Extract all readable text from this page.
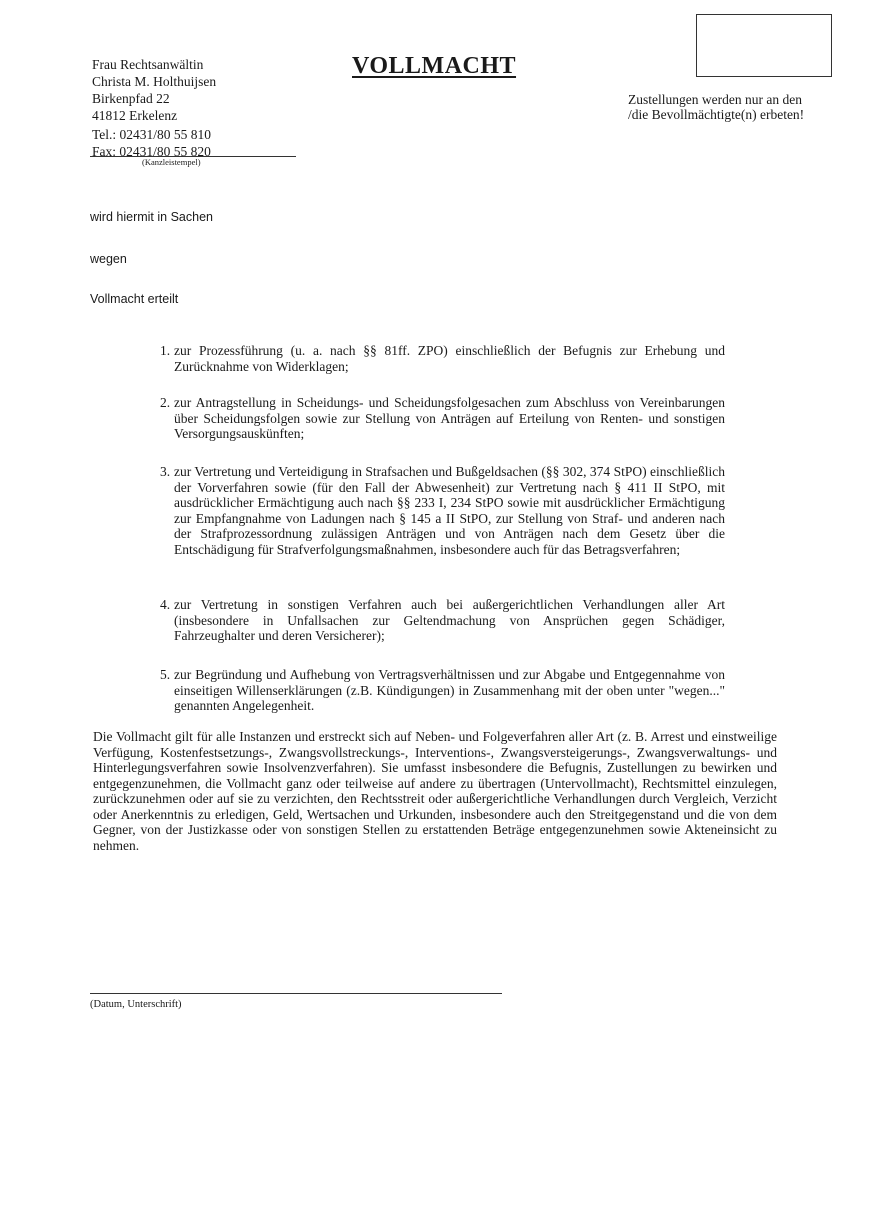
Frau Rechtsanwältin
Christa M. Holthuijsen
Birkenpfad 22
41812 Erkelenz
Tel.: 02431/80 55 810
Fax: 02431/80 55 820
(Kanzleistempel)
VOLLMACHT
Zustellungen werden nur an den
/die Bevollmächtigte(n) erbeten!
wird hiermit in Sachen
wegen
Vollmacht erteilt
1. zur Prozessführung (u. a. nach §§ 81ff. ZPO) einschließlich der Befugnis zur Erhebung und Zurücknahme von Widerklagen;
2. zur Antragstellung in Scheidungs- und Scheidungsfolgesachen zum Abschluss von Vereinbarungen über Scheidungsfolgen sowie zur Stellung von Anträgen auf Erteilung von Renten- und sonstigen Versorgungsauskünften;
3. zur Vertretung und Verteidigung in Strafsachen und Bußgeldsachen (§§ 302, 374 StPO) einschließlich der Vorverfahren sowie (für den Fall der Abwesenheit) zur Vertretung nach § 411 II StPO, mit ausdrücklicher Ermächtigung auch nach §§ 233 I, 234 StPO sowie mit ausdrücklicher Ermächtigung zur Empfangnahme von Ladungen nach § 145 a II StPO, zur Stellung von Straf- und anderen nach der Strafprozessordnung zulässigen Anträgen und von Anträgen nach dem Gesetz über die Entschädigung für Strafverfolgungsmaßnahmen, insbesondere auch für das Betragsverfahren;
4. zur Vertretung in sonstigen Verfahren auch bei außergerichtlichen Verhandlungen aller Art (insbesondere in Unfallsachen zur Geltendmachung von Ansprüchen gegen Schädiger, Fahrzeughalter und deren Versicherer);
5. zur Begründung und Aufhebung von Vertragsverhältnissen und zur Abgabe und Entgegennahme von einseitigen Willenserklärungen (z.B. Kündigungen) in Zusammenhang mit der oben unter "wegen..." genannten Angelegenheit.
Die Vollmacht gilt für alle Instanzen und erstreckt sich auf Neben- und Folgeverfahren aller Art (z. B. Arrest und einstweilige Verfügung, Kostenfestsetzungs-, Zwangsvollstreckungs-, Interventions-, Zwangsversteigerungs-, Zwangsverwaltungs- und Hinterlegungsverfahren sowie Insolvenzverfahren). Sie umfasst insbesondere die Befugnis, Zustellungen zu bewirken und entgegenzunehmen, die Vollmacht ganz oder teilweise auf andere zu übertragen (Untervollmacht), Rechtsmittel einzulegen, zurückzunehmen oder auf sie zu verzichten, den Rechtsstreit oder außergerichtliche Verhandlungen durch Vergleich, Verzicht oder Anerkenntnis zu erledigen, Geld, Wertsachen und Urkunden, insbesondere auch den Streitgegenstand und die von dem Gegner, von der Justizkasse oder von sonstigen Stellen zu erstattenden Beträge entgegenzunehmen sowie Akteneinsicht zu nehmen.
(Datum, Unterschrift)
